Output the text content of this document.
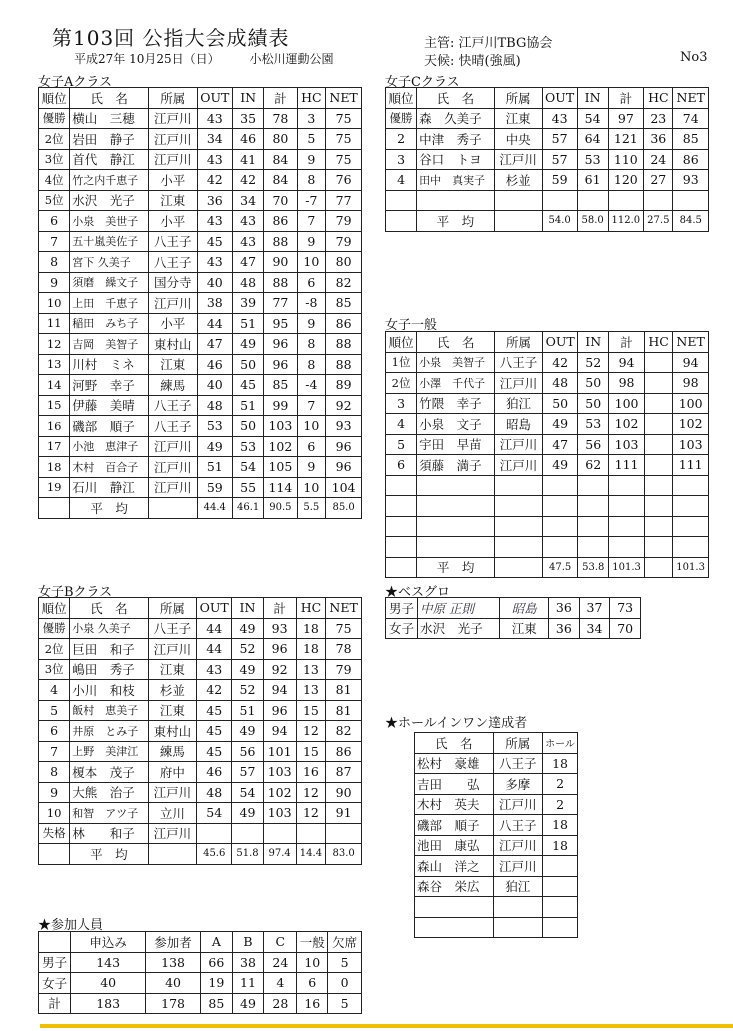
第103回 公指大会成績表
平成27年 10月25日（日） 小松川運動公園
主管: 江戸川TBG協会
天候: 快晴(強風)	No3
女子Aクラス
順位	氏　名	所属	OUT	IN	計	HC	NET
優勝	横山　三穂	江戸川	43	35	78	3	75
2位	岩田　静子	江戸川	34	46	80	5	75
3位	首代　静江	江戸川	43	41	84	9	75
4位	竹之内千恵子	小平	42	42	84	8	76
5位	水沢　光子	江東	36	34	70	-7	77
6	小泉　美世子	小平	43	43	86	7	79
7	五十嵐美佐子	八王子	45	43	88	9	79
8	宮下 久美子	八王子	43	47	90	10	80
9	須磨　繰文子	国分寺	40	48	88	6	82
10	上田　千恵子	江戸川	38	39	77	-8	85
11	稲田　みち子	小平	44	51	95	9	86
12	吉岡　美智子	東村山	47	49	96	8	88
13	川村　ミネ	江東	46	50	96	8	88
14	河野　幸子	練馬	40	45	85	-4	89
15	伊藤　美晴	八王子	48	51	99	7	92
16	磯部　順子	八王子	53	50	103	10	93
17	小池　恵津子	江戸川	49	53	102	6	96
18	木村　百合子	江戸川	51	54	105	9	96
19	石川　静江	江戸川	59	55	114	10	104
	平　均		44.4	46.1	90.5	5.5	85.0
女子Cクラス
順位	氏　名	所属	OUT	IN	計	HC	NET
優勝	森　久美子	江東	43	54	97	23	74
2	中津　秀子	中央	57	64	121	36	85
3	谷口　トヨ	江戸川	57	53	110	24	86
4	田中　真実子	杉並	59	61	120	27	93

	平　均		54.0	58.0	112.0	27.5	84.5
女子一般
順位	氏　名	所属	OUT	IN	計	HC	NET
1位	小泉　美智子	八王子	42	52	94		94
2位	小澤　千代子	江戸川	48	50	98		98
3	竹隈　幸子	狛江	50	50	100		100
4	小泉　文子	昭島	49	53	102		102
5	宇田　早苗	江戸川	47	56	103		103
6	須藤　満子	江戸川	49	62	111		111

	平　均		47.5	53.8	101.3		101.3
女子Bクラス
順位	氏　名	所属	OUT	IN	計	HC	NET
優勝	小泉 久美子	八王子	44	49	93	18	75
2位	巨田　和子	江戸川	44	52	96	18	78
3位	嶋田　秀子	江東	43	49	92	13	79
4	小川　和枝	杉並	42	52	94	13	81
5	飯村　恵美子	江東	45	51	96	15	81
6	井原　とみ子	東村山	45	49	94	12	82
7	上野　美津江	練馬	45	56	101	15	86
8	榎本　茂子	府中	46	57	103	16	87
9	大熊　治子	江戸川	48	54	102	12	90
10	和智　アツ子	立川	54	49	103	12	91
失格	林　　和子	江戸川					
	平　均		45.6	51.8	97.4	14.4	83.0
★ベスグロ
男子	中原 正則	昭島	36	37	73
女子	水沢　光子	江東	36	34	70
★ホールインワン達成者
氏　名	所属	ホール
松村　豪雄	八王子	18
吉田　　弘	多摩	2
木村　英夫	江戸川	2
磯部　順子	八王子	18
池田　康弘	江戸川	18
森山　洋之	江戸川	
森谷　栄広	狛江	

★参加人員
	申込み	参加者	A	B	C	一般	欠席
男子	143	138	66	38	24	10	5
女子	40	40	19	11	4	6	0
計	183	178	85	49	28	16	5
